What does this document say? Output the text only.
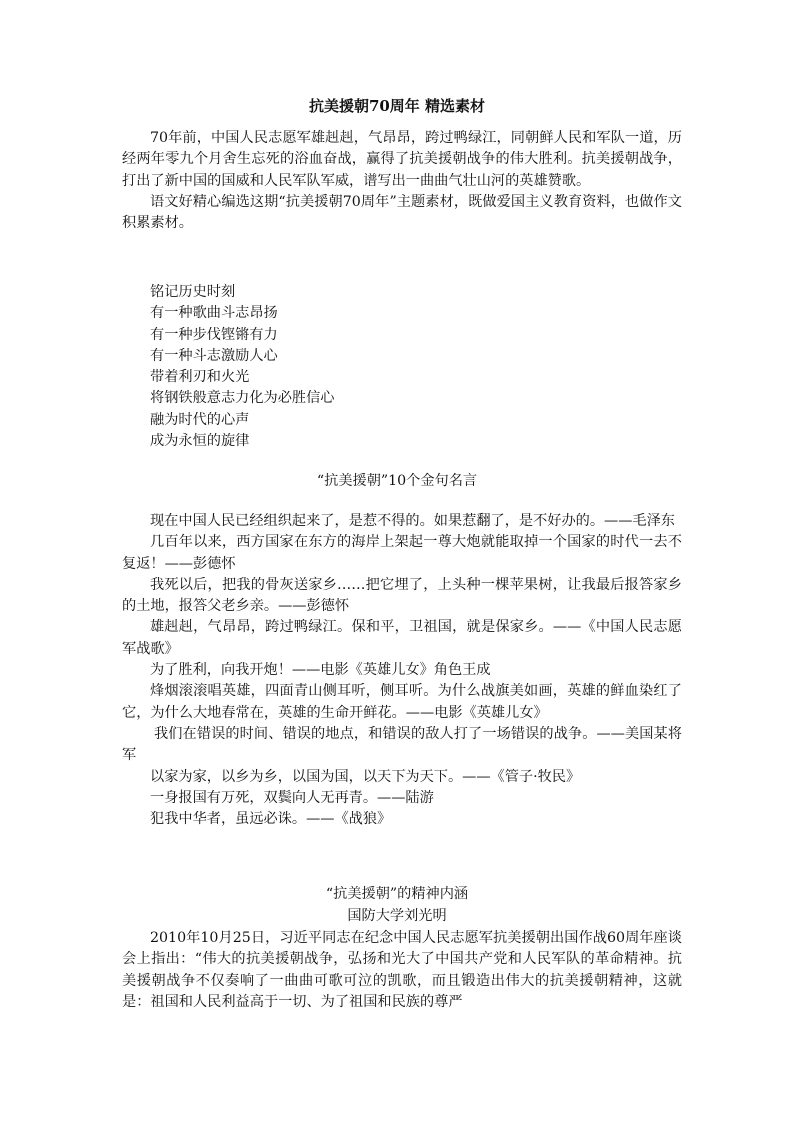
抗美援朝70周年 精选素材

70年前，中国人民志愿军雄赳赳，气昂昂，跨过鸭绿江，同朝鲜人民和军队一道，历经两年零九个月舍生忘死的浴血奋战，赢得了抗美援朝战争的伟大胜利。抗美援朝战争，打出了新中国的国威和人民军队军威，谱写出一曲曲气壮山河的英雄赞歌。

语文好精心编选这期“抗美援朝70周年”主题素材，既做爱国主义教育资料，也做作文积累素材。

铭记历史时刻
有一种歌曲斗志昂扬
有一种步伐铿锵有力
有一种斗志激励人心
带着利刃和火光
将钢铁般意志力化为必胜信心
融为时代的心声
成为永恒的旋律
“抗美援朝”10个金句名言

现在中国人民已经组织起来了，是惹不得的。如果惹翻了，是不好办的。——毛泽东

几百年以来，西方国家在东方的海岸上架起一尊大炮就能取掉一个国家的时代一去不复返！——彭德怀

我死以后，把我的骨灰送家乡……把它埋了，上头种一棵苹果树，让我最后报答家乡的土地，报答父老乡亲。——彭德怀

雄赳赳，气昂昂，跨过鸭绿江。保和平，卫祖国，就是保家乡。——《中国人民志愿军战歌》

为了胜利，向我开炮！——电影《英雄儿女》角色王成

烽烟滚滚唱英雄，四面青山侧耳听，侧耳听。为什么战旗美如画，英雄的鲜血染红了它，为什么大地春常在，英雄的生命开鲜花。——电影《英雄儿女》

我们在错误的时间、错误的地点，和错误的敌人打了一场错误的战争。——美国某将军

以家为家，以乡为乡，以国为国，以天下为天下。——《管子·牧民》

一身报国有万死，双鬓向人无再青。——陆游

犯我中华者，虽远必诛。——《战狼》

“抗美援朝”的精神内涵
国防大学刘光明

2010年10月25日，习近平同志在纪念中国人民志愿军抗美援朝出国作战60周年座谈会上指出：“伟大的抗美援朝战争，弘扬和光大了中国共产党和人民军队的革命精神。抗美援朝战争不仅奏响了一曲曲可歌可泣的凯歌，而且锻造出伟大的抗美援朝精神，这就是：祖国和人民利益高于一切、为了祖国和民族的尊严
